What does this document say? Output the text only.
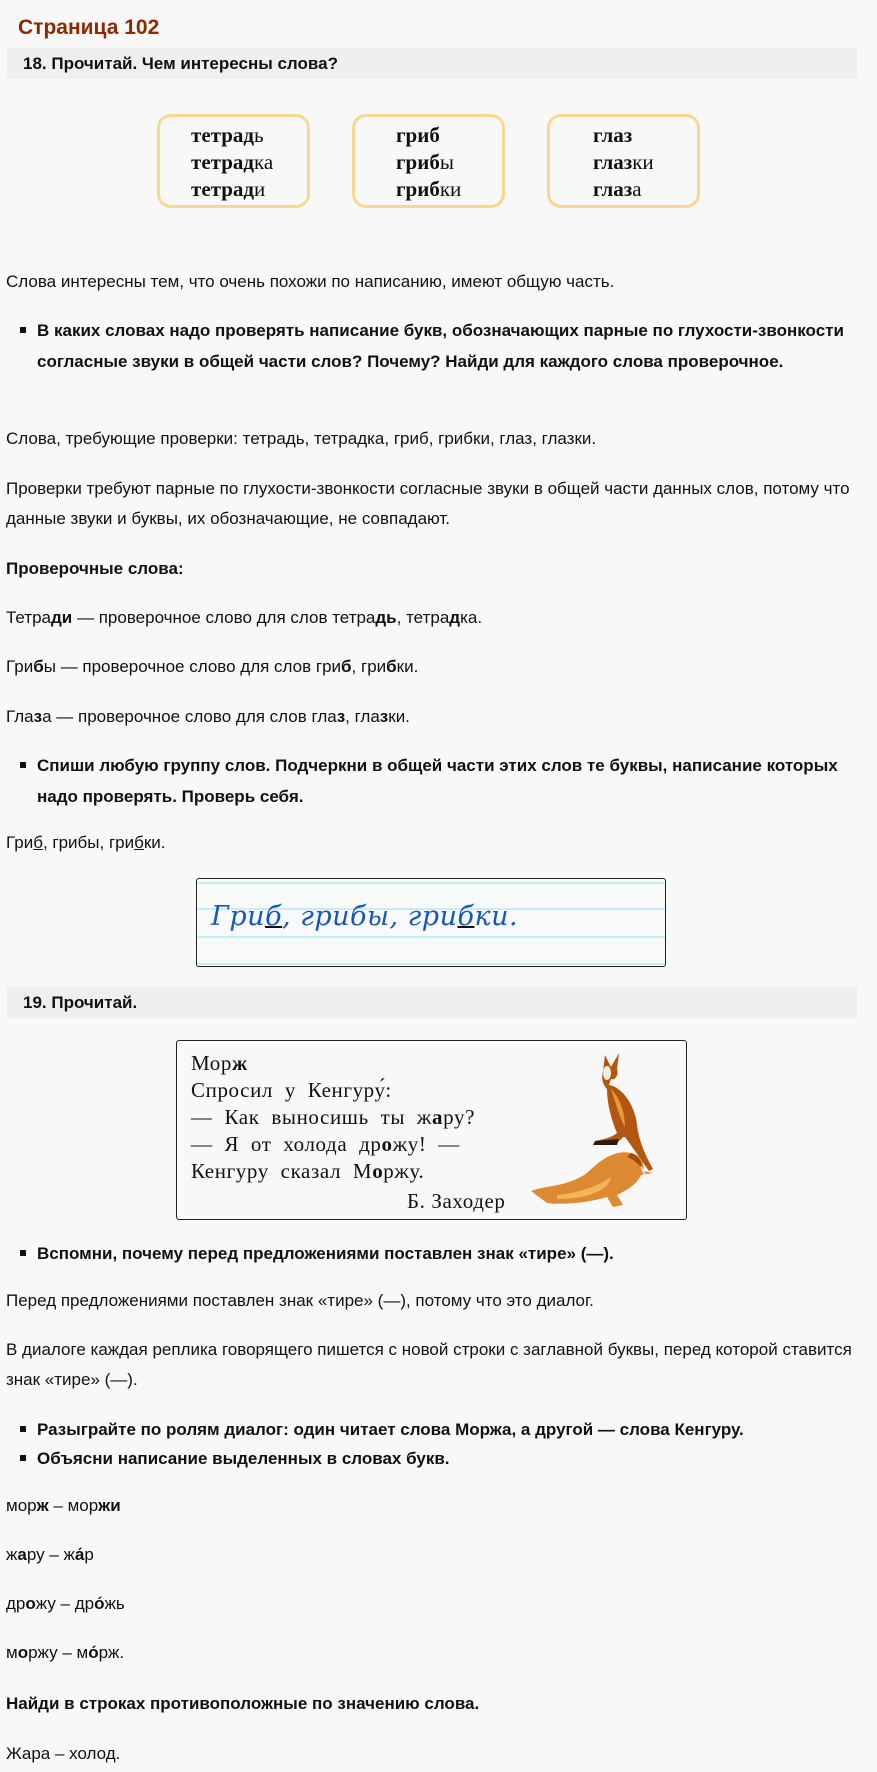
Страница 102
18. Прочитай. Чем интересны слова?
тетрадь
тетрадка
тетради
гриб
грибы
грибки
глаз
глазки
глаза
Слова интересны тем, что очень похожи по написанию, имеют общую часть.
В каких словах надо проверять написание букв, обозначающих парные по глухости-звонкости согласные звуки в общей части слов? Почему? Найди для каждого слова проверочное.
Слова, требующие проверки: тетрадь, тетрадка, гриб, грибки, глаз, глазки.
Проверки требуют парные по глухости-звонкости согласные звуки в общей части данных слов, потому что данные звуки и буквы, их обозначающие, не совпадают.
Проверочные слова:
Тетради — проверочное слово для слов тетрадь, тетрадка.
Грибы — проверочное слово для слов гриб, грибки.
Глаза — проверочное слово для слов глаз, глазки.
Спиши любую группу слов. Подчеркни в общей части этих слов те буквы, написание которых надо проверять. Проверь себя.
Гриб, грибы, грибки.
Гриб, грибы, грибки.
19. Прочитай.
Морж
Спросил у Кенгуру́:
— Как выносишь ты жару?
— Я от холода дрожу! —
Кенгуру сказал Моржу.
Б. Заходер
Вспомни, почему перед предложениями поставлен знак «тире» (—).
Перед предложениями поставлен знак «тире» (—), потому что это диалог.
В диалоге каждая реплика говорящего пишется с новой строки с заглавной буквы, перед которой ставится знак «тире» (—).
Разыграйте по ролям диалог: один читает слова Моржа, а другой — слова Кенгуру.
Объясни написание выделенных в словах букв.
морж – моржи
жару – жа́р
дрожу – дро́жь
моржу – мо́рж.
Найди в строках противоположные по значению слова.
Жара – холод.
